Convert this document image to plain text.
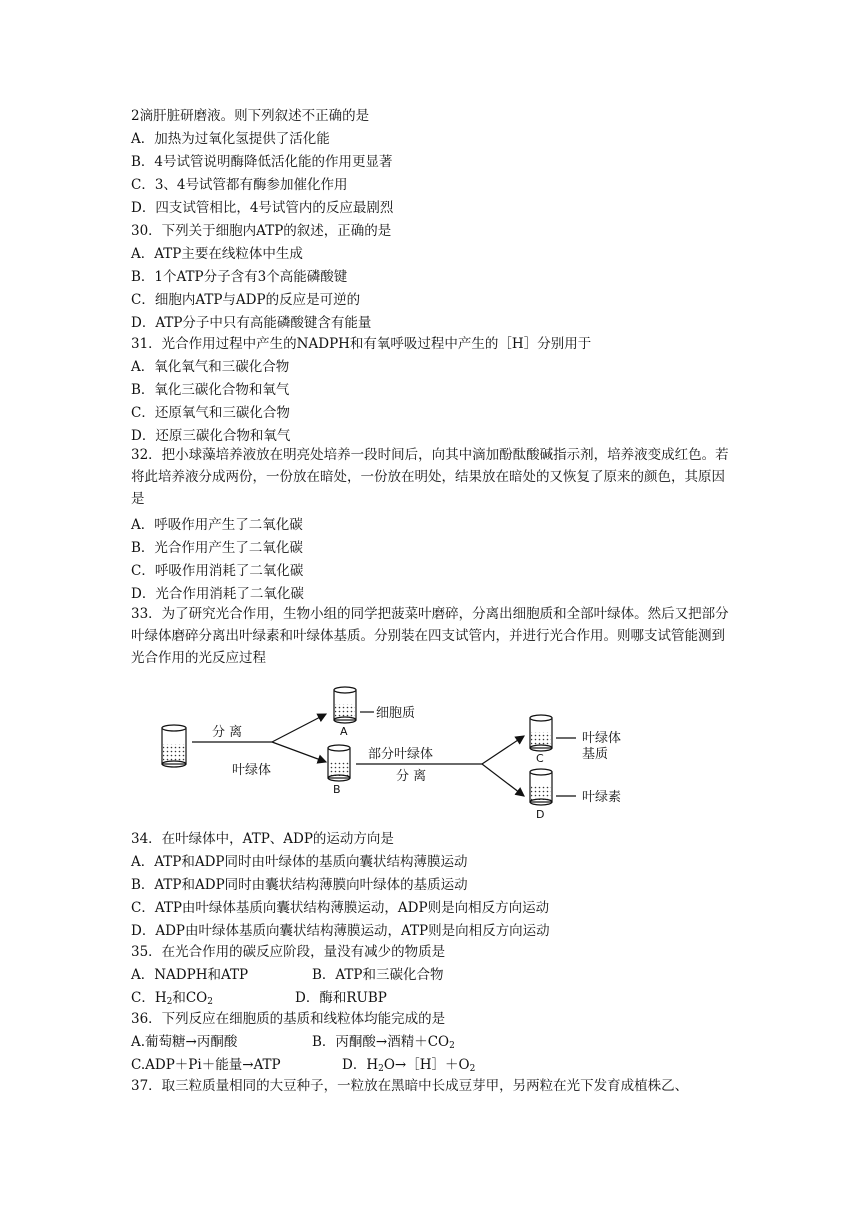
2滴肝脏研磨液。则下列叙述不正确的是
A．加热为过氧化氢提供了活化能
B．4号试管说明酶降低活化能的作用更显著
C．3、4号试管都有酶参加催化作用
D．四支试管相比，4号试管内的反应最剧烈
30．下列关于细胞内ATP的叙述，正确的是
A．ATP主要在线粒体中生成
B．1个ATP分子含有3个高能磷酸键
C．细胞内ATP与ADP的反应是可逆的
D．ATP分子中只有高能磷酸键含有能量
31．光合作用过程中产生的NADPH和有氧呼吸过程中产生的［H］分别用于
A．氧化氧气和三碳化合物
B．氧化三碳化合物和氧气
C．还原氧气和三碳化合物
D．还原三碳化合物和氧气
32．把小球藻培养液放在明亮处培养一段时间后，向其中滴加酚酞酸碱指示剂，培养液变成红色。若将此培养液分成两份，一份放在暗处，一份放在明处，结果放在暗处的又恢复了原来的颜色，其原因是
A．呼吸作用产生了二氧化碳
B．光合作用产生了二氧化碳
C．呼吸作用消耗了二氧化碳
D．光合作用消耗了二氧化碳
33．为了研究光合作用，生物小组的同学把菠菜叶磨碎，分离出细胞质和全部叶绿体。然后又把部分叶绿体磨碎分离出叶绿素和叶绿体基质。分别装在四支试管内，并进行光合作用。则哪支试管能测到光合作用的光反应过程
分 离
叶绿体
A
细胞质
B
部分叶绿体
分 离
C
叶绿体
基质
D
叶绿素
34．在叶绿体中，ATP、ADP的运动方向是
A．ATP和ADP同时由叶绿体的基质向囊状结构薄膜运动
B．ATP和ADP同时由囊状结构薄膜向叶绿体的基质运动
C．ATP由叶绿体基质向囊状结构薄膜运动，ADP则是向相反方向运动
D．ADP由叶绿体基质向囊状结构薄膜运动，ATP则是向相反方向运动
35．在光合作用的碳反应阶段，量没有减少的物质是
A．NADPH和ATP	B．ATP和三碳化合物
C．$H_2$和$CO_2$	D．酶和RUBP
36．下列反应在细胞质的基质和线粒体均能完成的是
A.葡萄糖→丙酮酸	B．丙酮酸→酒精$+CO_2$
C.ADP＋Pi＋能量→ATP	D．$H_2O\to[H]+O_2$
37．取三粒质量相同的大豆种子，一粒放在黑暗中长成豆芽甲，另两粒在光下发育成植株乙、
